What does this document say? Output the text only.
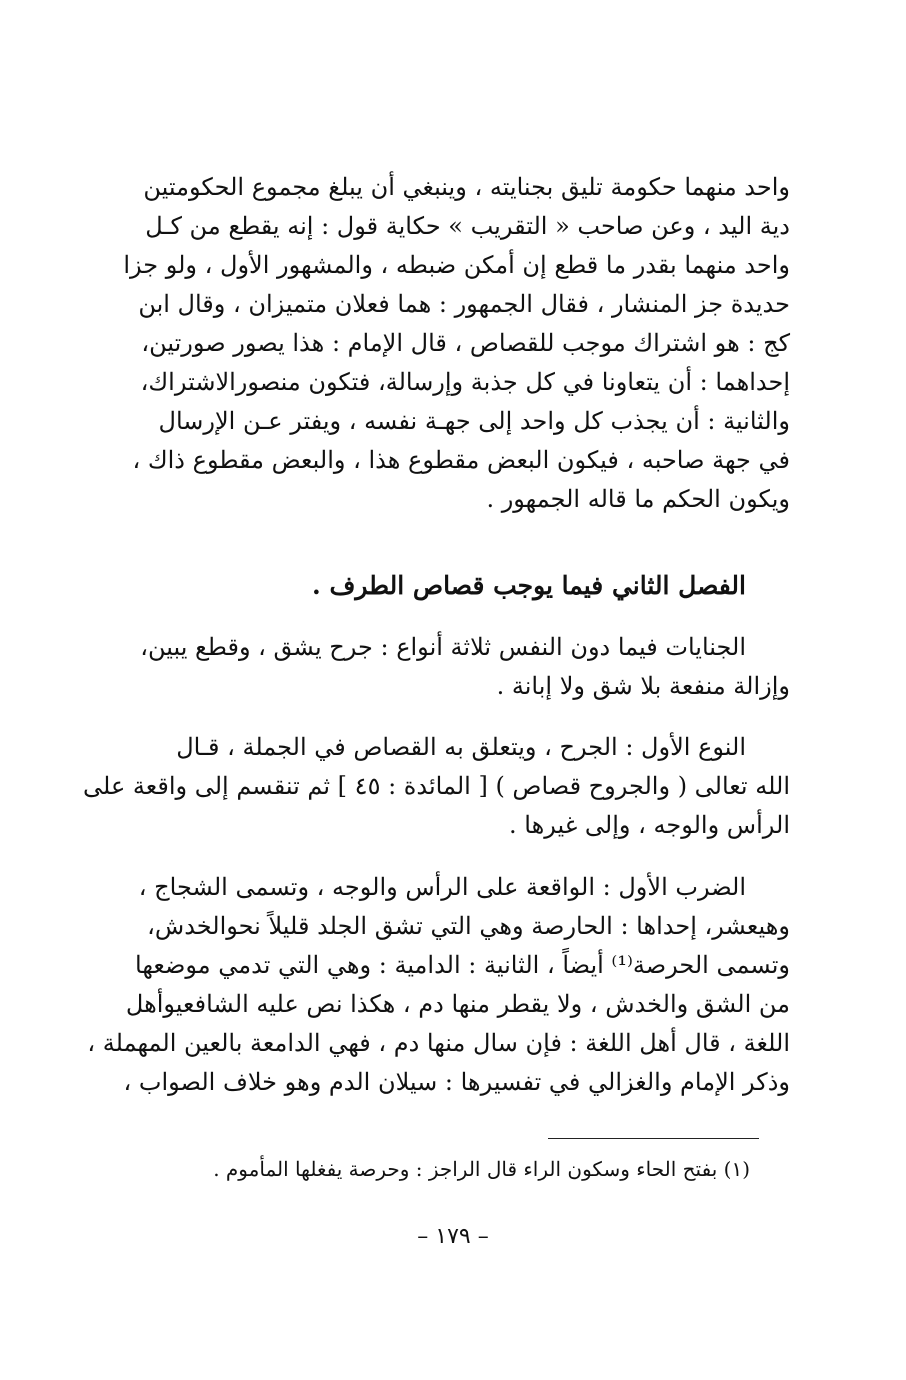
واحد منهما حكومة تليق بجنايته ، وينبغي أن يبلغ مجموع الحكومتين
دية اليد ، وعن صاحب « التقريب » حكاية قول : إنه يقطع من كـل
واحد منهما بقدر ما قطع إن أمكن ضبطه ، والمشهور الأول ، ولو جزا
حديدة جز المنشار ، فقال الجمهور : هما فعلان متميزان ، وقال ابن
كج : هو اشتراك موجب للقصاص ، قال الإمام : هذا يصور صورتين،
إحداهما : أن يتعاونا في كل جذبة وإرسالة، فتكون منصورالاشتراك،
والثانية : أن يجذب كل واحد إلى جهـة نفسه ، ويفتر عـن الإرسال
في جهة صاحبه ، فيكون البعض مقطوع هذا ، والبعض مقطوع ذاك ،
ويكون الحكم ما قاله الجمهور .
الفصل الثاني فيما يوجب قصاص الطرف .
الجنايات فيما دون النفس ثلاثة أنواع : جرح يشق ، وقطع يبين،
وإزالة منفعة بلا شق ولا إبانة .
النوع الأول : الجرح ، ويتعلق به القصاص في الجملة ، قـال
الله تعالى ( والجروح قصاص ) [ المائدة : ٤٥ ] ثم تنقسم إلى واقعة على
الرأس والوجه ، وإلى غيرها .
الضرب الأول : الواقعة على الرأس والوجه ، وتسمى الشجاج ،
وهيعشر، إحداها : الحارصة وهي التي تشق الجلد قليلاً نحوالخدش،
وتسمى الحرصة⁽¹⁾ أيضاً ، الثانية : الدامية : وهي التي تدمي موضعها
من الشق والخدش ، ولا يقطر منها دم ، هكذا نص عليه الشافعيوأهل
اللغة ، قال أهل اللغة : فإن سال منها دم ، فهي الدامعة بالعين المهملة ،
وذكر الإمام والغزالي في تفسيرها : سيلان الدم وهو خلاف الصواب ،
(١) بفتح الحاء وسكون الراء قال الراجز : وحرصة يفغلها المأموم .
– ١٧٩ –
